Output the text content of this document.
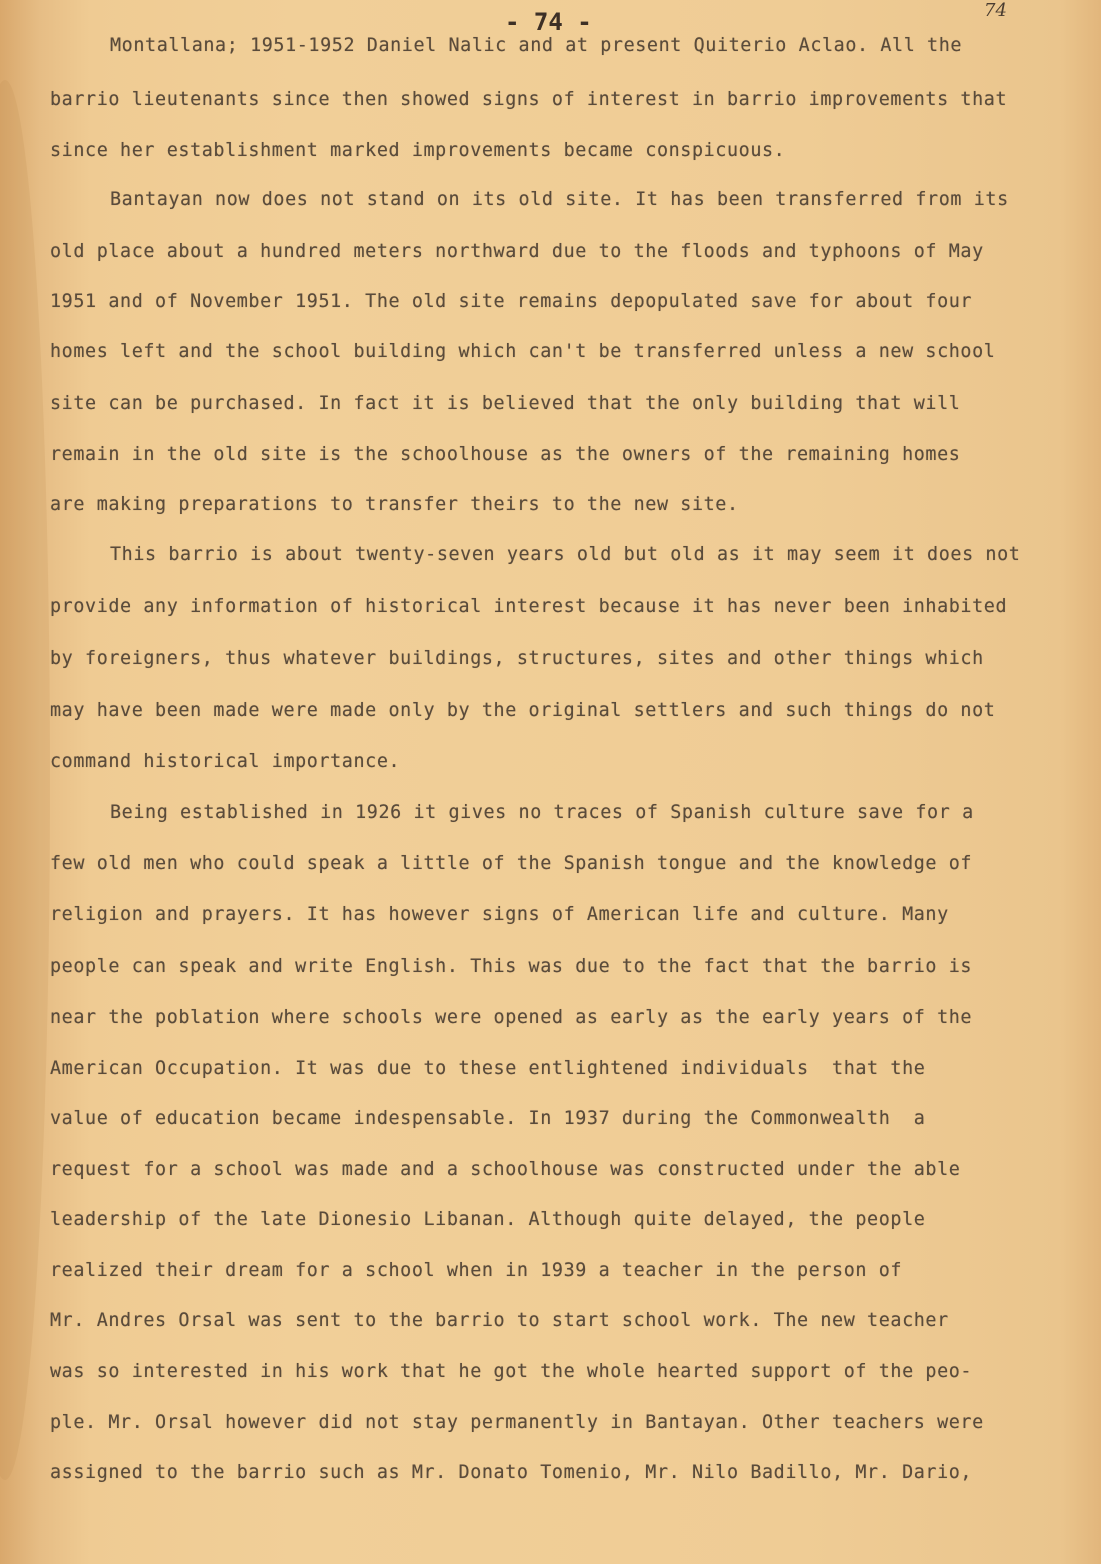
- 74 -	74
Montallana; 1951-1952 Daniel Nalic and at present Quiterio Aclao. All the
barrio lieutenants since then showed signs of interest in barrio improvements that
since her establishment marked improvements became conspicuous.
Bantayan now does not stand on its old site. It has been transferred from its
old place about a hundred meters northward due to the floods and typhoons of May
1951 and of November 1951. The old site remains depopulated save for about four
homes left and the school building which can't be transferred unless a new school
site can be purchased. In fact it is believed that the only building that will
remain in the old site is the schoolhouse as the owners of the remaining homes
are making preparations to transfer theirs to the new site.
This barrio is about twenty-seven years old but old as it may seem it does not
provide any information of historical interest because it has never been inhabited
by foreigners, thus whatever buildings, structures, sites and other things which
may have been made were made only by the original settlers and such things do not
command historical importance.
Being established in 1926 it gives no traces of Spanish culture save for a
few old men who could speak a little of the Spanish tongue and the knowledge of
religion and prayers. It has however signs of American life and culture. Many
people can speak and write English. This was due to the fact that the barrio is
near the poblation where schools were opened as early as the early years of the
American Occupation. It was due to these entlightened individuals  that the
value of education became indespensable. In 1937 during the Commonwealth  a
request for a school was made and a schoolhouse was constructed under the able
leadership of the late Dionesio Libanan. Although quite delayed, the people
realized their dream for a school when in 1939 a teacher in the person of
Mr. Andres Orsal was sent to the barrio to start school work. The new teacher
was so interested in his work that he got the whole hearted support of the peo-
ple. Mr. Orsal however did not stay permanently in Bantayan. Other teachers were
assigned to the barrio such as Mr. Donato Tomenio, Mr. Nilo Badillo, Mr. Dario,
